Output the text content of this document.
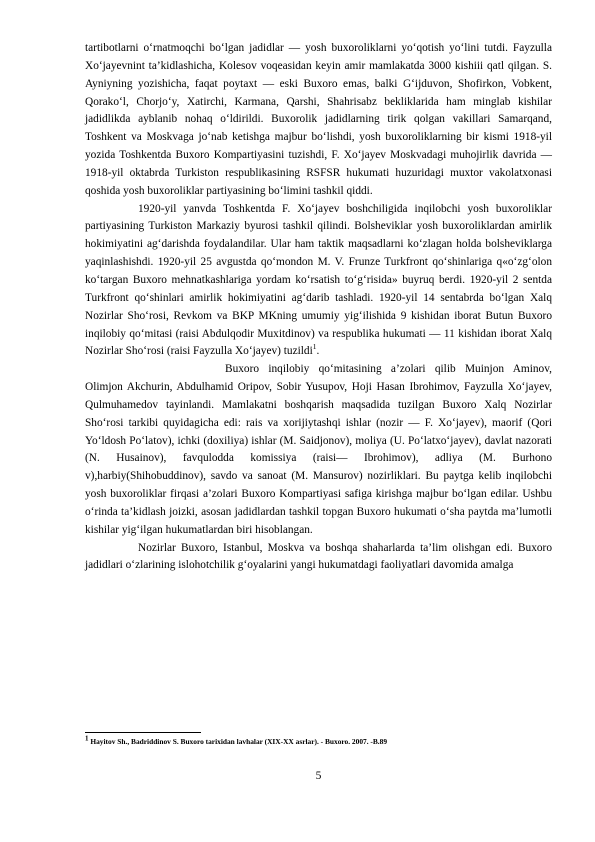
tartibotlarni o‘rnatmoqchi bo‘lgan jadidlar — yosh buxoroliklarni yo‘qotish yo‘lini tutdi. Fayzulla Xo‘jayevnint ta’kidlashicha, Kolesov voqeasidan keyin amir mamlakatda 3000 kishiii qatl qilgan. S. Ayniyning yozishicha, faqat poytaxt — eski Buxoro emas, balki G‘ijduvon, Shofirkon, Vobkent, Qorako‘l, Chorjo‘y, Xatirchi, Karmana, Qarshi, Shahrisabz bekliklarida ham minglab kishilar jadidlikda ayblanib nohaq o‘ldirildi. Buxorolik jadidlarning tirik qolgan vakillari Samarqand, Toshkent va Moskvaga jo‘nab ketishga majbur bo‘lishdi, yosh buxoroliklarning bir kismi 1918-yil yozida Toshkentda Buxoro Kompartiyasini tuzishdi, F. Xo‘jayev Moskvadagi muhojirlik davrida — 1918-yil oktabrda Turkiston respublikasining RSFSR hukumati huzuridagi muxtor vakolatxonasi qoshida yosh buxoroliklar partiyasining bo‘limini tashkil qiddi.

1920-yil yanvda Toshkentda F. Xo‘jayev boshchiligida inqilobchi yosh buxoroliklar partiyasining Turkiston Markaziy byurosi tashkil qilindi. Bolsheviklar yosh buxoroliklardan amirlik hokimiyatini ag‘darishda foydalandilar. Ular ham taktik maqsadlarni ko‘zlagan holda bolsheviklarga yaqinlashishdi. 1920-yil 25 avgustda qo‘mondon M. V. Frunze Turkfront qo‘shinlariga q«o‘zg‘olon ko‘targan Buxoro mehnatkashlariga yordam ko‘rsatish to‘g‘risida» buyruq berdi. 1920-yil 2 sentda Turkfront qo‘shinlari amirlik hokimiyatini ag‘darib tashladi. 1920-yil 14 sentabrda bo‘lgan Xalq Nozirlar Sho‘rosi, Revkom va BKP MKning umumiy yig‘ilishida 9 kishidan iborat Butun Buxoro inqilobiy qo‘mitasi (raisi Abdulqodir Muxitdinov) va respublika hukumati — 11 kishidan iborat Xalq Nozirlar Sho‘rosi (raisi Fayzulla Xo‘jayev) tuzildi$^1$.

Buxoro inqilobiy qo‘mitasining a’zolari qilib Muinjon Aminov, Olimjon Akchurin, Abdulhamid Oripov, Sobir Yusupov, Hoji Hasan Ibrohimov, Fayzulla Xo‘jayev, Qulmuhamedov tayinlandi. Mamlakatni boshqarish maqsadida tuzilgan Buxoro Xalq Nozirlar Sho‘rosi tarkibi quyidagicha edi: rais va xorijiytashqi ishlar (nozir — F. Xo‘jayev), maorif (Qori Yo‘ldosh Po‘latov), ichki (doxiliya) ishlar (M. Saidjonov), moliya (U. Po‘latxo‘jayev), davlat nazorati (N. Husainov), favqulodda komissiya (raisi— Ibrohimov), adliya (M. Burhono v),harbiy(Shihobuddinov), savdo va sanoat (M. Mansurov) nozirliklari. Bu paytga kelib inqilobchi yosh buxoroliklar firqasi a’zolari Buxoro Kompartiyasi safiga kirishga majbur bo‘lgan edilar. Ushbu o‘rinda ta’kidlash joizki, asosan jadidlardan tashkil topgan Buxoro hukumati o‘sha paytda ma’lumotli kishilar yig‘ilgan hukumatlardan biri hisoblangan.

Nozirlar Buxoro, Istanbul, Moskva va boshqa shaharlarda ta’lim olishgan edi. Buxoro jadidlari o‘zlarining islohotchilik g‘oyalarini yangi hukumatdagi faoliyatlari davomida amalga

$^1$ Hayitov Sh., Badriddinov S. Buxoro tarixidan lavhalar (XIX-XX asrlar). - Buxoro. 2007. -B.89
5
